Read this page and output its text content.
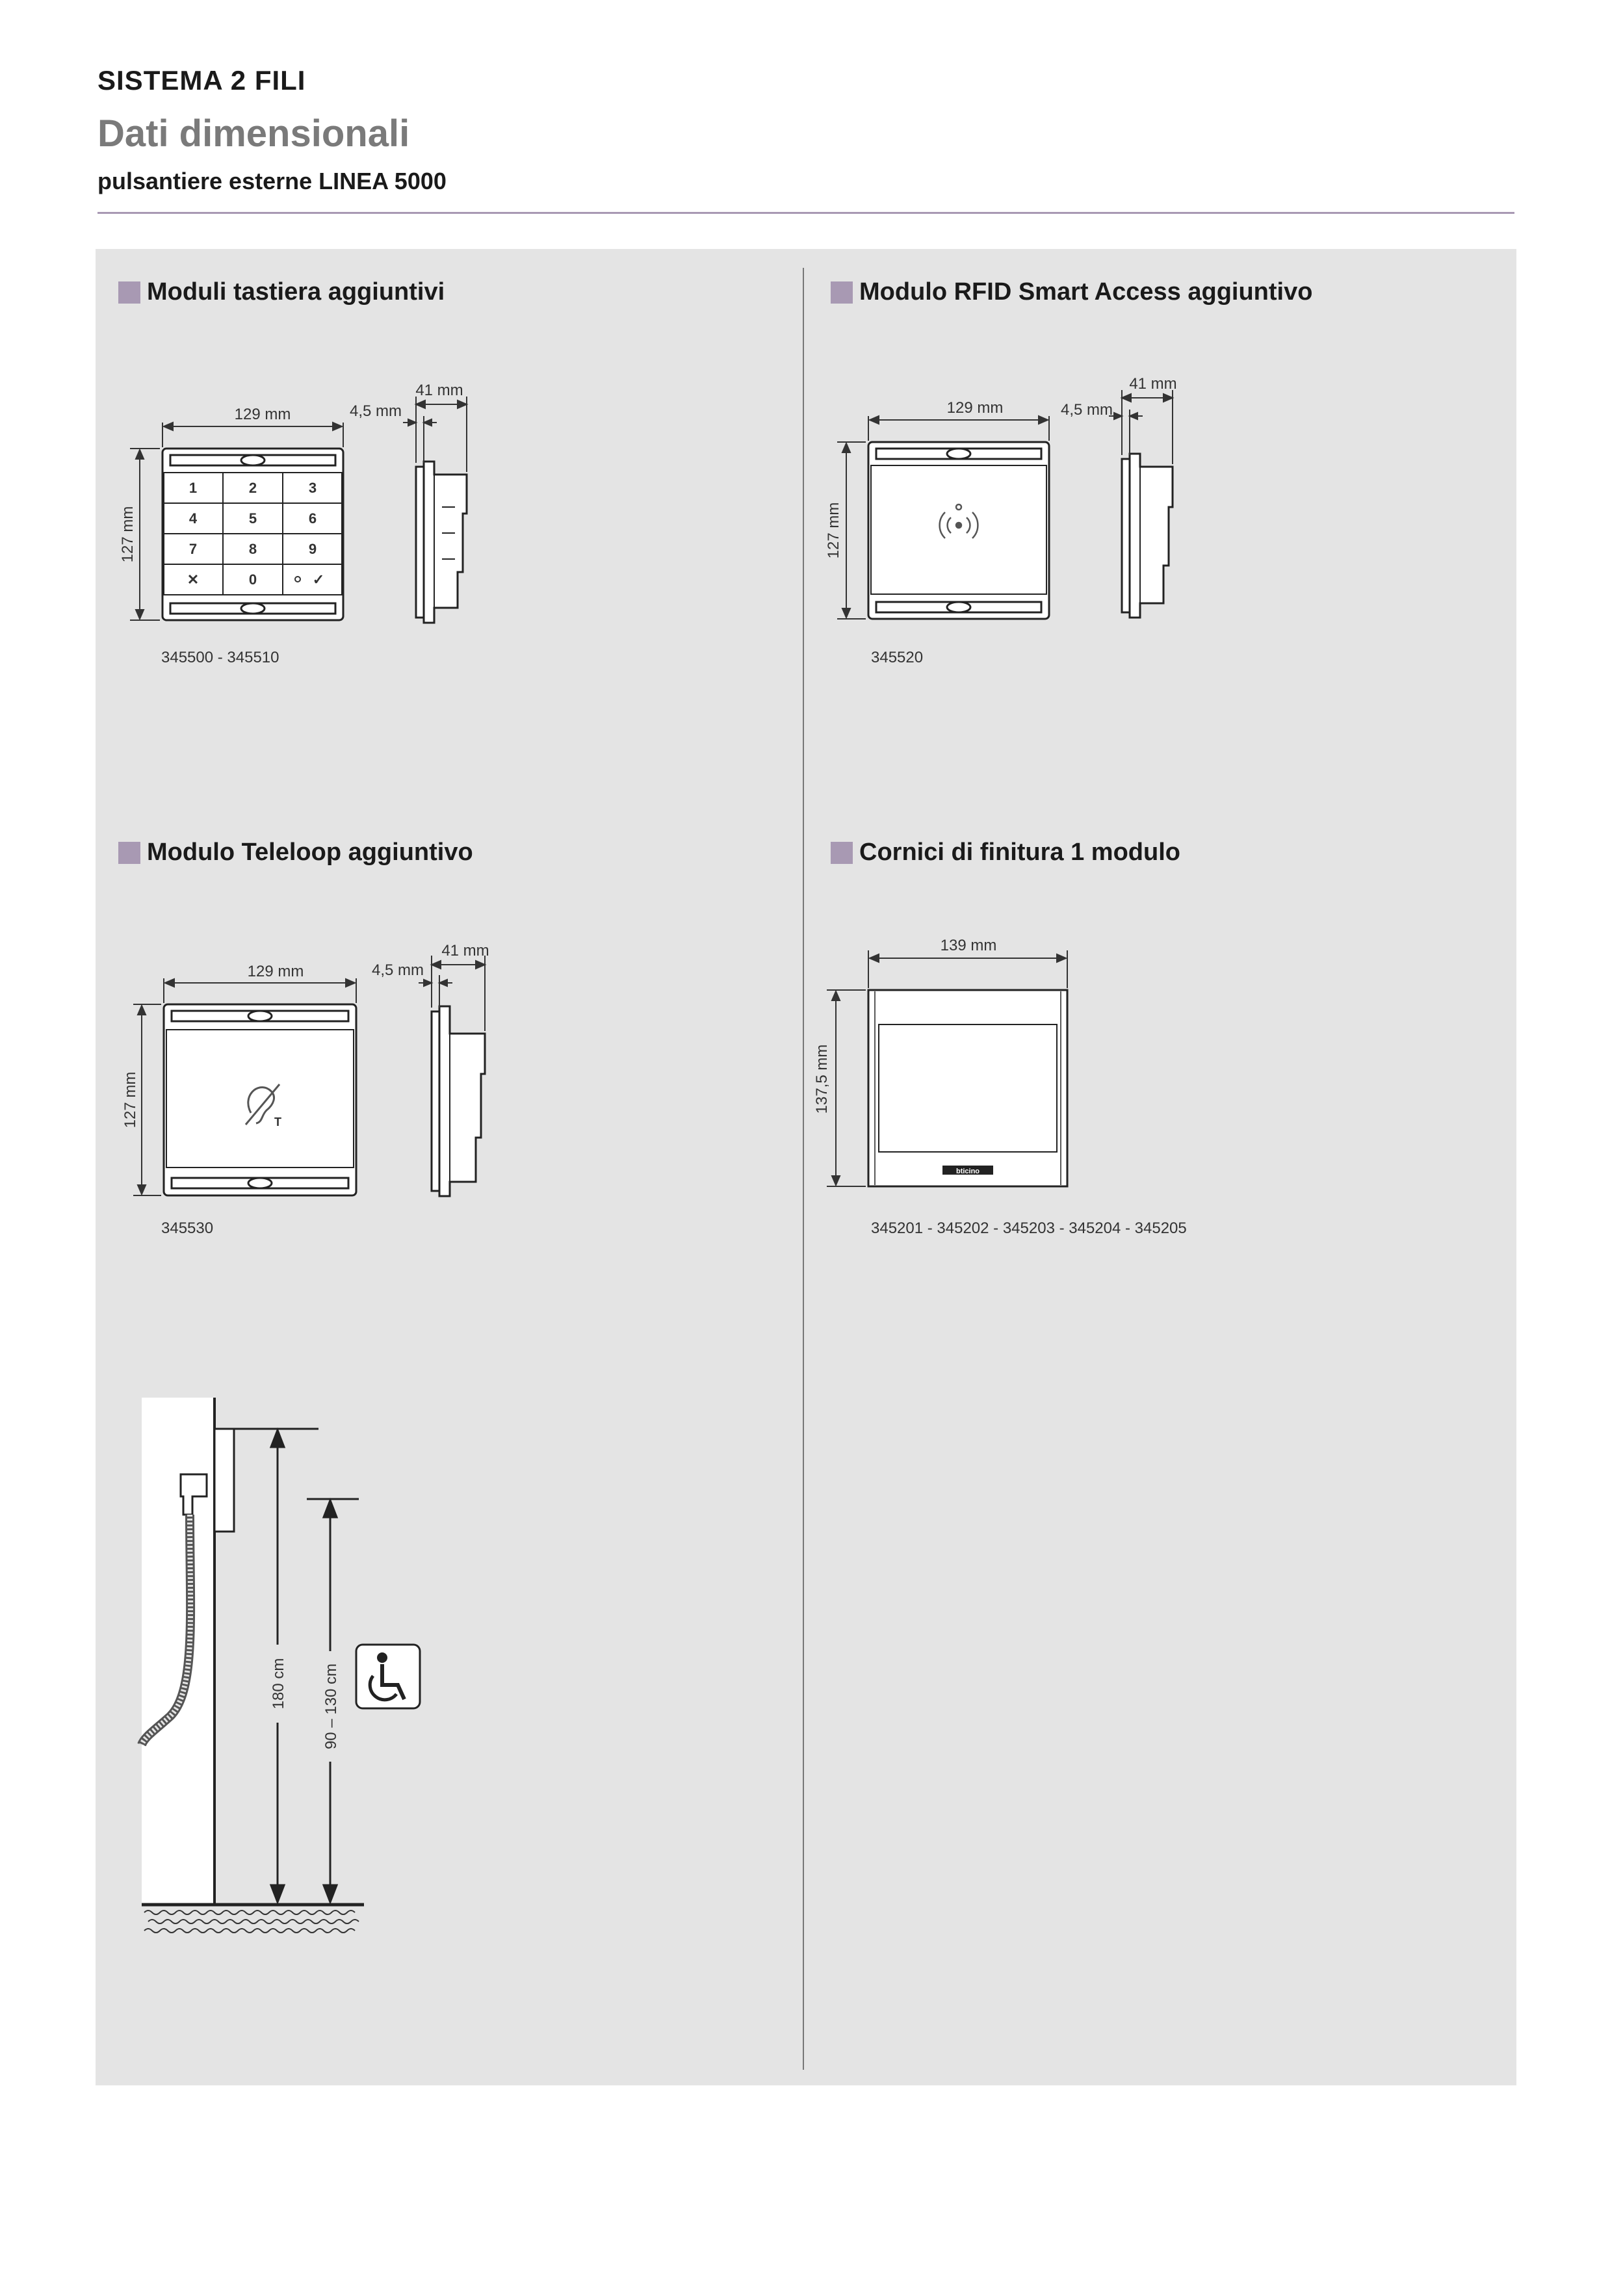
SISTEMA 2 FILI
Dati dimensionali
pulsantiere esterne LINEA 5000
Moduli tastiera aggiuntivi
129 mm
127 mm
41 mm
4,5 mm
1	2	3
4	5	6
7	8	9
✕	0	✓
345500 - 345510
Modulo RFID Smart Access aggiuntivo
129 mm
127 mm
41 mm
4,5 mm
345520
Modulo Teleloop aggiuntivo
T
129 mm
127 mm
41 mm
4,5 mm
345530
Cornici di finitura 1 modulo
bticino
139 mm
137,5 mm
345201 - 345202 - 345203 - 345204 - 345205
180 cm 90 – 130 cm
